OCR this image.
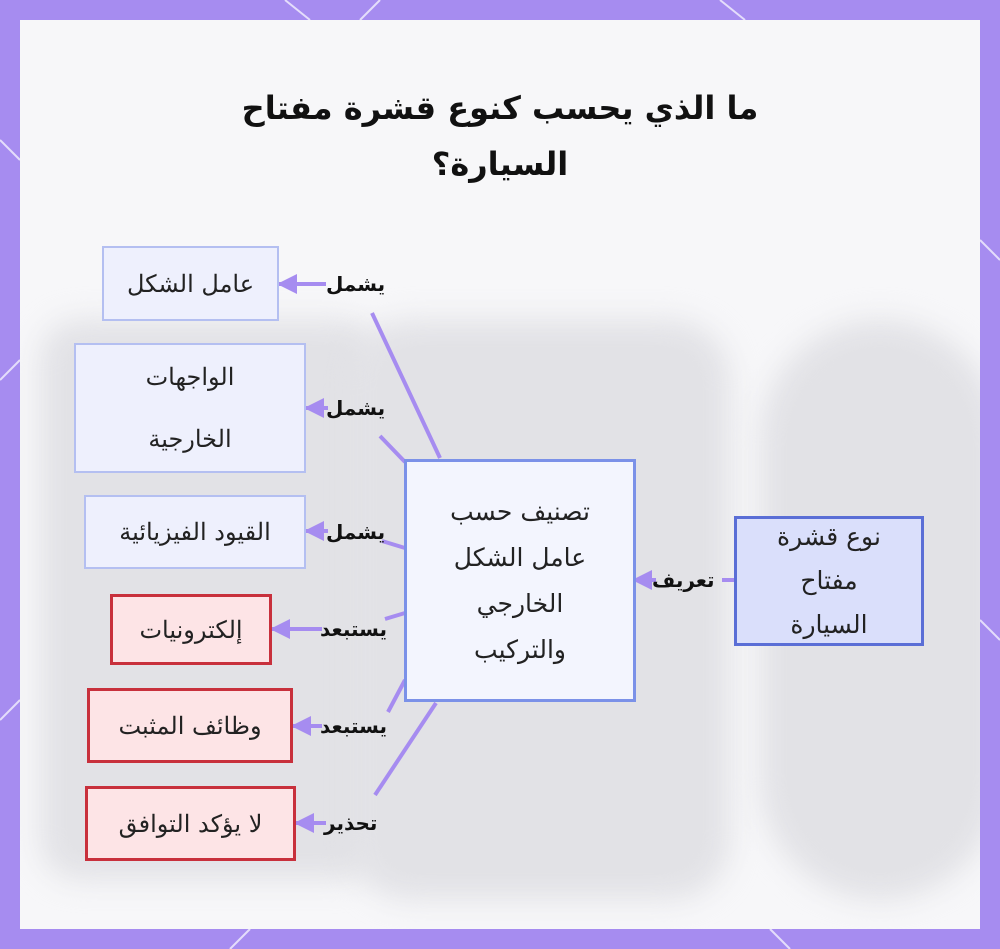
ما الذي يحسب كنوع قشرة مفتاح السيارة؟
نوع قشرة مفتاح السيارة
تصنيف حسب عامل الشكل الخارجي والتركيب
عامل الشكل
الواجهات الخارجية
القيود الفيزيائية
إلكترونيات
وظائف المثبت
لا يؤكد التوافق
تعريف
يشمل
يشمل
يشمل
يستبعد
يستبعد
تحذير
